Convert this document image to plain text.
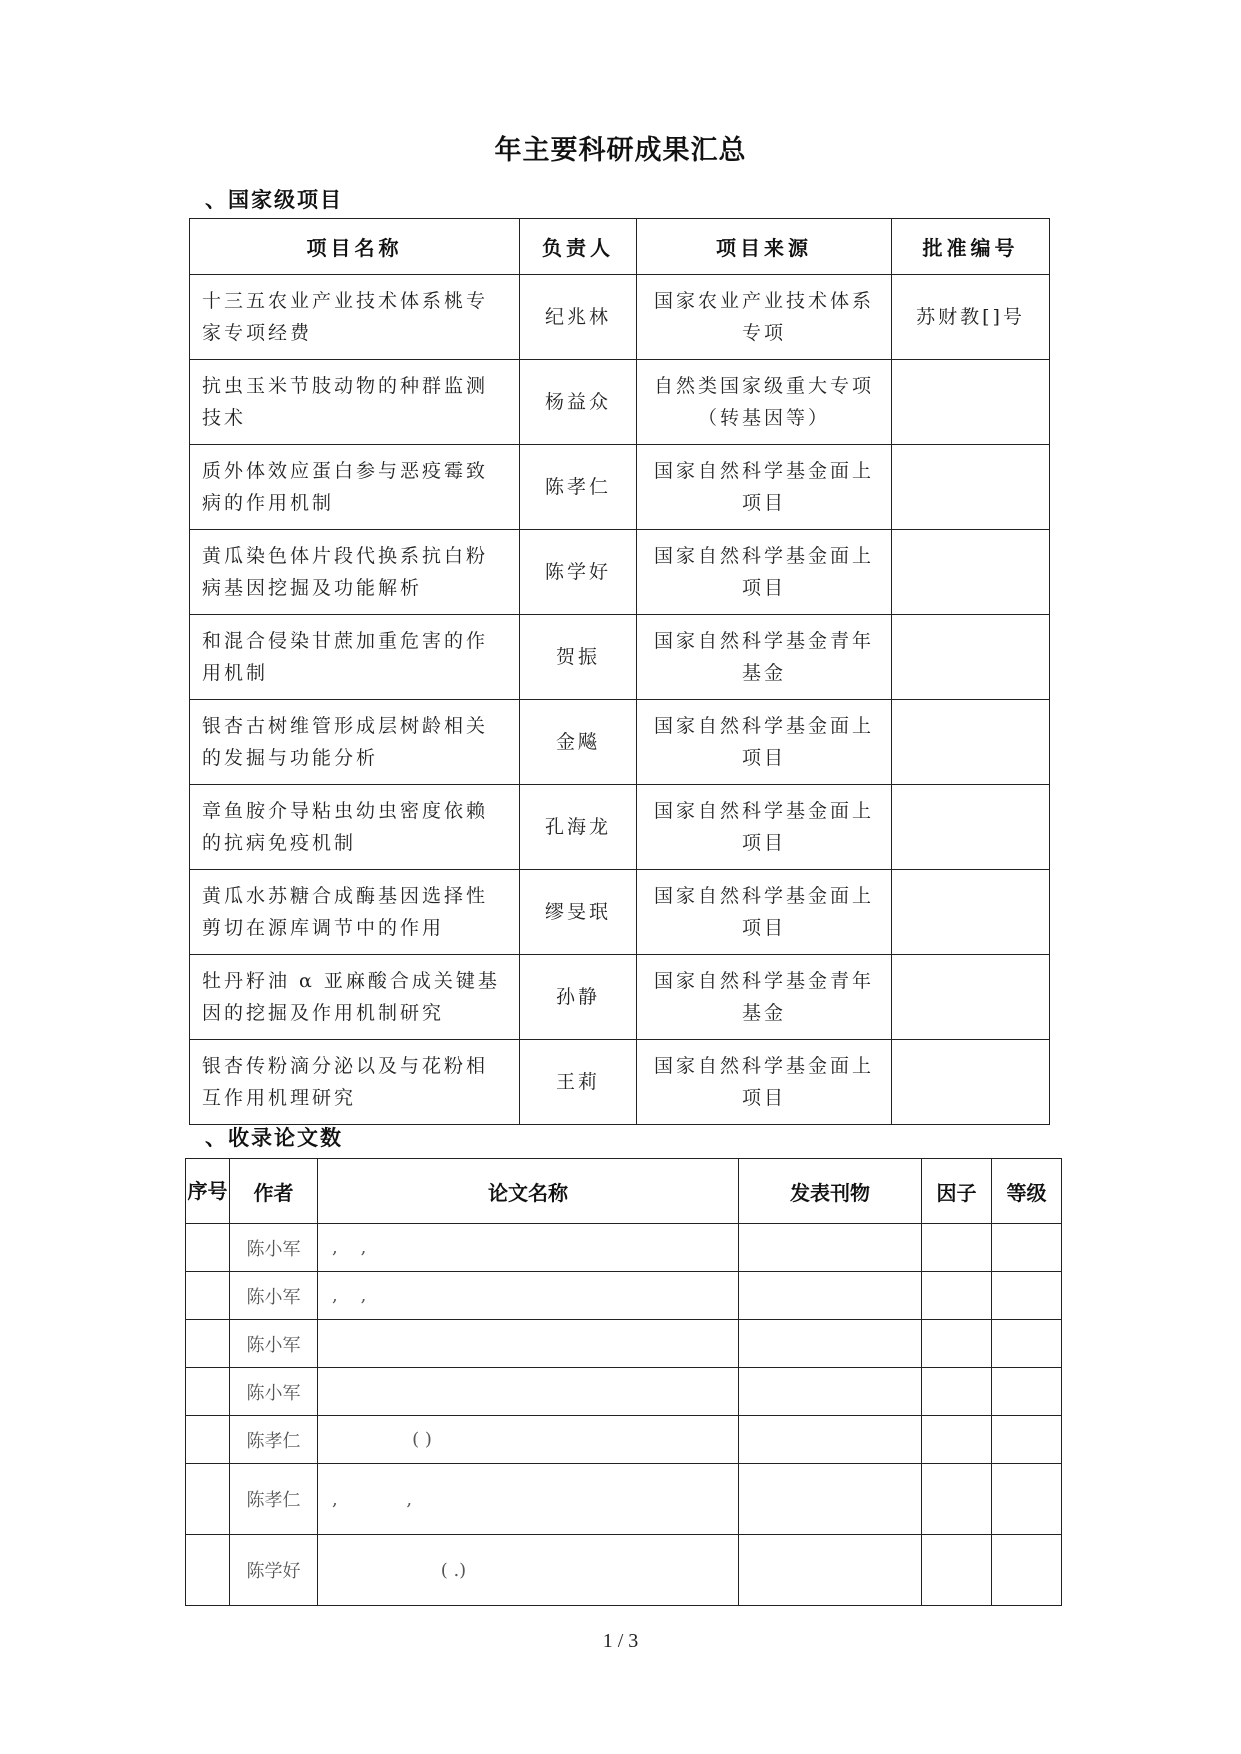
年主要科研成果汇总
、国家级项目
项目名称	负责人	项目来源	批准编号
十三五农业产业技术体系桃专家专项经费	纪兆林	国家农业产业技术体系专项	苏财教[]号
抗虫玉米节肢动物的种群监测技术	杨益众	自然类国家级重大专项（转基因等）	
质外体效应蛋白参与恶疫霉致病的作用机制	陈孝仁	国家自然科学基金面上项目	
黄瓜染色体片段代换系抗白粉病基因挖掘及功能解析	陈学好	国家自然科学基金面上项目	
和混合侵染甘蔗加重危害的作用机制	贺振	国家自然科学基金青年基金	
银杏古树维管形成层树龄相关的发掘与功能分析	金飚	国家自然科学基金面上项目	
章鱼胺介导粘虫幼虫密度依赖的抗病免疫机制	孔海龙	国家自然科学基金面上项目	
黄瓜水苏糖合成酶基因选择性剪切在源库调节中的作用	缪旻珉	国家自然科学基金面上项目	
牡丹籽油 α 亚麻酸合成关键基因的挖掘及作用机制研究	孙静	国家自然科学基金青年基金	
银杏传粉滴分泌以及与花粉相互作用机理研究	王莉	国家自然科学基金面上项目	
、收录论文数
序号	作者	论文名称	发表刊物	因子	等级
	陈小军	,    ,			
	陈小军	,    ,			
	陈小军				
	陈小军				
	陈孝仁	( )			
	陈孝仁	,            ,			
	陈学好	( .)			
1 / 3
